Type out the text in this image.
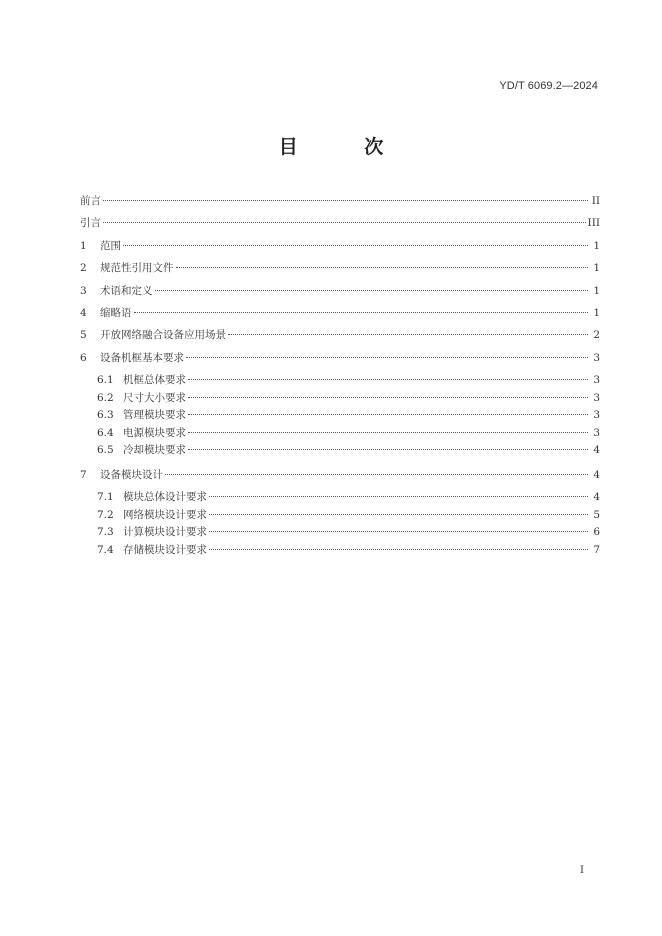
YD/T 6069.2—2024
目 次
前言	II
引言	III
1	范围	1
2	规范性引用文件	1
3	术语和定义	1
4	缩略语	1
5	开放网络融合设备应用场景	2
6	设备机框基本要求	3
6.1 机框总体要求	3
6.2 尺寸大小要求	3
6.3 管理模块要求	3
6.4 电源模块要求	3
6.5 冷却模块要求	4
7	设备模块设计	4
7.1 模块总体设计要求	4
7.2 网络模块设计要求	5
7.3 计算模块设计要求	6
7.4 存储模块设计要求	7
I
